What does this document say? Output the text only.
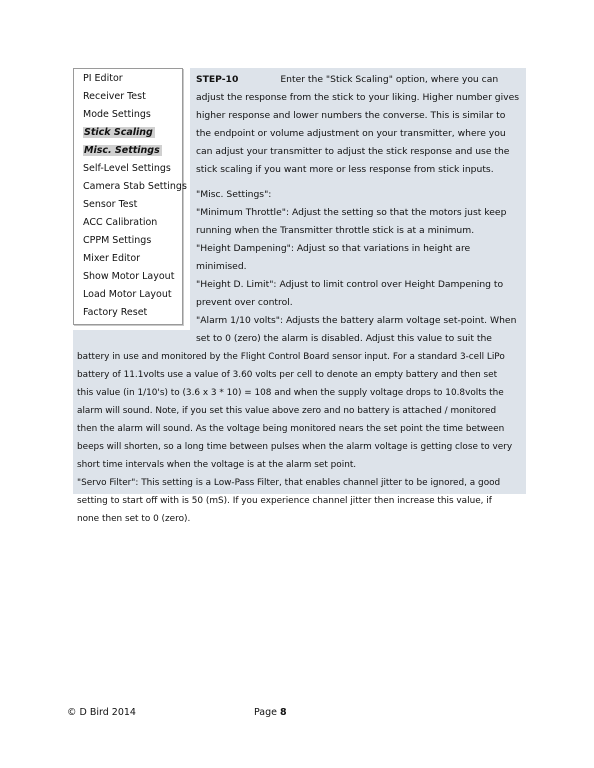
PI Editor
Receiver Test
Mode Settings
Stick Scaling
Misc. Settings
Self-Level Settings
Camera Stab Settings
Sensor Test
ACC Calibration
CPPM Settings
Mixer Editor
Show Motor Layout
Load Motor Layout
Factory Reset
STEP-10	Enter the "Stick Scaling" option, where you can
adjust the response from the stick to your liking. Higher number gives
higher response and lower numbers the converse. This is similar to
the endpoint or volume adjustment on your transmitter, where you
can adjust your transmitter to adjust the stick response and use the
stick scaling if you want more or less response from stick inputs.
"Misc. Settings":
"Minimum Throttle": Adjust the setting so that the motors just keep
running when the Transmitter throttle stick is at a minimum.
"Height Dampening": Adjust so that variations in height are
minimised.
"Height D. Limit": Adjust to limit control over Height Dampening to
prevent over control.
"Alarm 1/10 volts": Adjusts the battery alarm voltage set-point. When
set to 0 (zero) the alarm is disabled. Adjust this value to suit the
battery in use and monitored by the Flight Control Board sensor input. For a standard 3-cell LiPo
battery of 11.1volts use a value of 3.60 volts per cell to denote an empty battery and then set
this value (in 1/10's) to (3.6 x 3 * 10) = 108 and when the supply voltage drops to 10.8volts the
alarm will sound. Note, if you set this value above zero and no battery is attached / monitored
then the alarm will sound. As the voltage being monitored nears the set point the time between
beeps will shorten, so a long time between pulses when the alarm voltage is getting close to very
short time intervals when the voltage is at the alarm set point.
"Servo Filter": This setting is a Low-Pass Filter, that enables channel jitter to be ignored, a good
setting to start off with is 50 (mS). If you experience channel jitter then increase this value, if
none then set to 0 (zero).
© D Bird 2014	Page 8
